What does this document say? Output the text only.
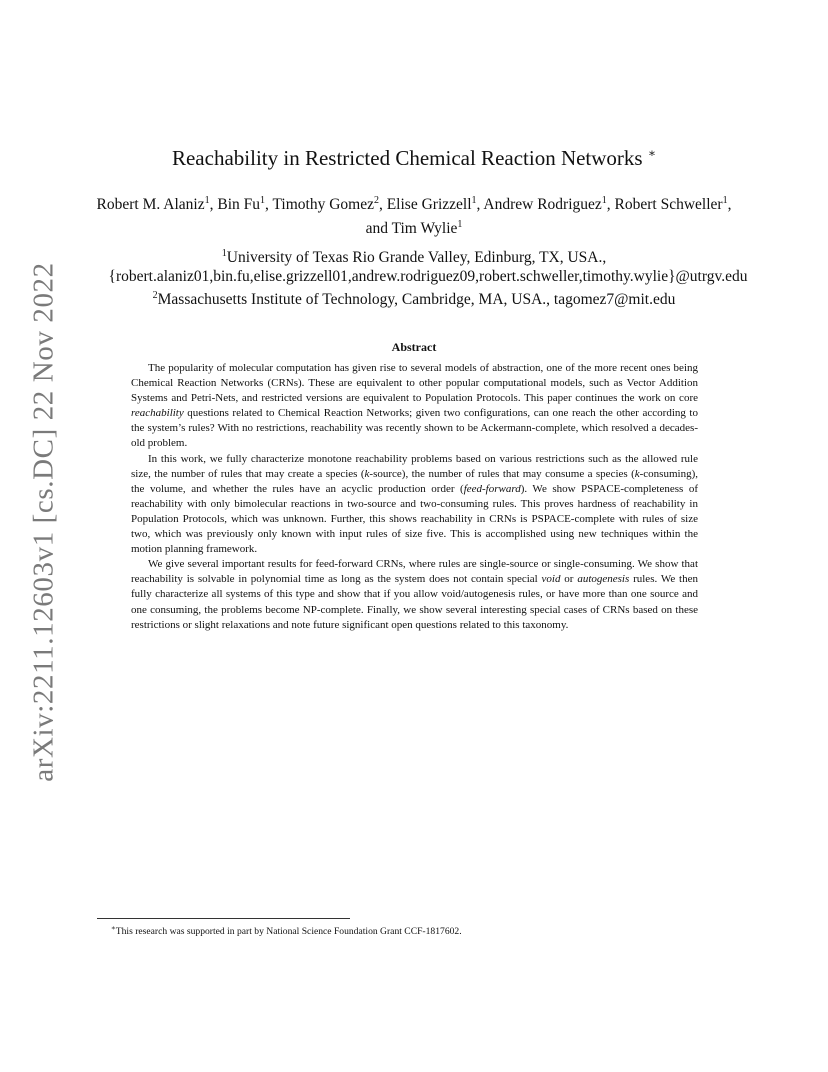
arXiv:2211.12603v1 [cs.DC] 22 Nov 2022
Reachability in Restricted Chemical Reaction Networks ∗
Robert M. Alaniz$^1$, Bin Fu$^1$, Timothy Gomez$^2$, Elise Grizzell$^1$, Andrew Rodriguez$^1$, Robert Schweller$^1$, and Tim Wylie$^1$
$^1$University of Texas Rio Grande Valley, Edinburg, TX, USA.,
{robert.alaniz01,bin.fu,elise.grizzell01,andrew.rodriguez09,robert.schweller,timothy.wylie}@utrgv.edu
$^2$Massachusetts Institute of Technology, Cambridge, MA, USA., tagomez7@mit.edu
Abstract

The popularity of molecular computation has given rise to several models of abstraction, one of the more recent ones being Chemical Reaction Networks (CRNs). These are equivalent to other popular computational models, such as Vector Addition Systems and Petri-Nets, and restricted versions are equivalent to Population Protocols. This paper continues the work on core reachability questions related to Chemical Reaction Networks; given two configurations, can one reach the other according to the system’s rules? With no restrictions, reachability was recently shown to be Ackermann-complete, which resolved a decades-old problem.

In this work, we fully characterize monotone reachability problems based on various restrictions such as the allowed rule size, the number of rules that may create a species (k-source), the number of rules that may consume a species (k-consuming), the volume, and whether the rules have an acyclic production order (feed-forward). We show PSPACE-completeness of reachability with only bimolecular reactions in two-source and two-consuming rules. This proves hardness of reachability in Population Protocols, which was unknown. Further, this shows reachability in CRNs is PSPACE-complete with rules of size two, which was previously only known with input rules of size five. This is accomplished using new techniques within the motion planning framework.

We give several important results for feed-forward CRNs, where rules are single-source or single-consuming. We show that reachability is solvable in polynomial time as long as the system does not contain special void or autogenesis rules. We then fully characterize all systems of this type and show that if you allow void/autogenesis rules, or have more than one source and one consuming, the problems become NP-complete. Finally, we show several interesting special cases of CRNs based on these restrictions or slight relaxations and note future significant open questions related to this taxonomy.

∗This research was supported in part by National Science Foundation Grant CCF-1817602.
